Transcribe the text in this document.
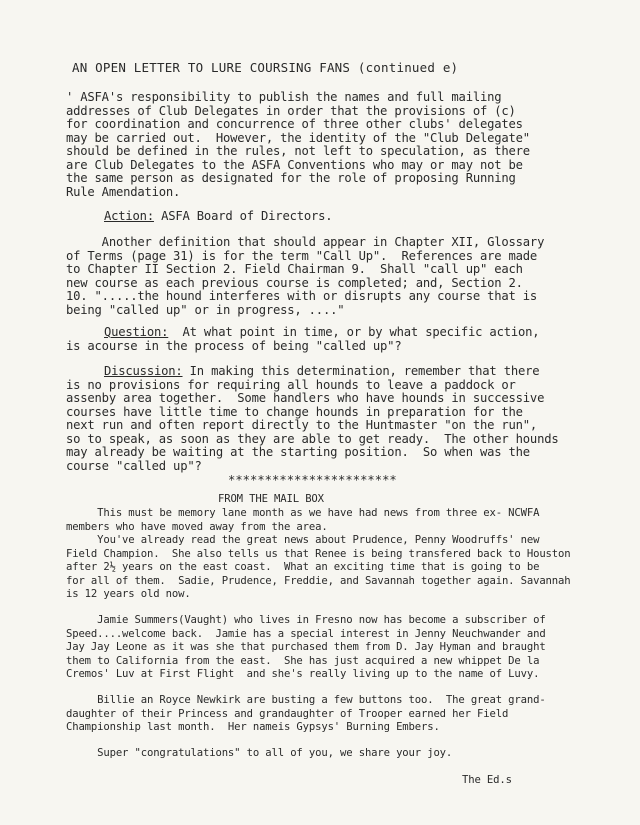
AN OPEN LETTER TO LURE COURSING FANS (continued e)
' ASFA's responsibility to publish the names and full mailing
addresses of Club Delegates in order that the provisions of (c)
for coordination and concurrence of three other clubs' delegates
may be carried out.  However, the identity of the "Club Delegate"
should be defined in the rules, not left to speculation, as there
are Club Delegates to the ASFA Conventions who may or may not be
the same person as designated for the role of proposing Running
Rule Amendation.
Action: ASFA Board of Directors.
Another definition that should appear in Chapter XII, Glossary
of Terms (page 31) is for the term "Call Up".  References are made
to Chapter II Section 2. Field Chairman 9.  Shall "call up" each
new course as each previous course is completed; and, Section 2.
10. ".....the hound interferes with or disrupts any course that is
being "called up" or in progress, ...."
Question:  At what point in time, or by what specific action,
is acourse in the process of being "called up"?
Discussion: In making this determination, remember that there
is no provisions for requiring all hounds to leave a paddock or
assenby area together.  Some handlers who have hounds in successive
courses have little time to change hounds in preparation for the
next run and often report directly to the Huntmaster "on the run",
so to speak, as soon as they are able to get ready.  The other hounds
may already be waiting at the starting position.  So when was the
course "called up"?
***********************
FROM THE MAIL BOX
This must be memory lane month as we have had news from three ex- NCWFA
members who have moved away from the area.
You've already read the great news about Prudence, Penny Woodruffs' new
Field Champion.  She also tells us that Renee is being transfered back to Houston
after 2½ years on the east coast.  What an exciting time that is going to be
for all of them.  Sadie, Prudence, Freddie, and Savannah together again. Savannah
is 12 years old now.
Jamie Summers(Vaught) who lives in Fresno now has become a subscriber of
Speed....welcome back.  Jamie has a special interest in Jenny Neuchwander and
Jay Jay Leone as it was she that purchased them from D. Jay Hyman and braught
them to California from the east.  She has just acquired a new whippet De la
Cremos' Luv at First Flight  and she's really living up to the name of Luvy.
Billie an Royce Newkirk are busting a few buttons too.  The great grand-
daughter of their Princess and grandaughter of Trooper earned her Field
Championship last month.  Her nameis Gypsys' Burning Embers.
Super "congratulations" to all of you, we share your joy.
The Ed.s
